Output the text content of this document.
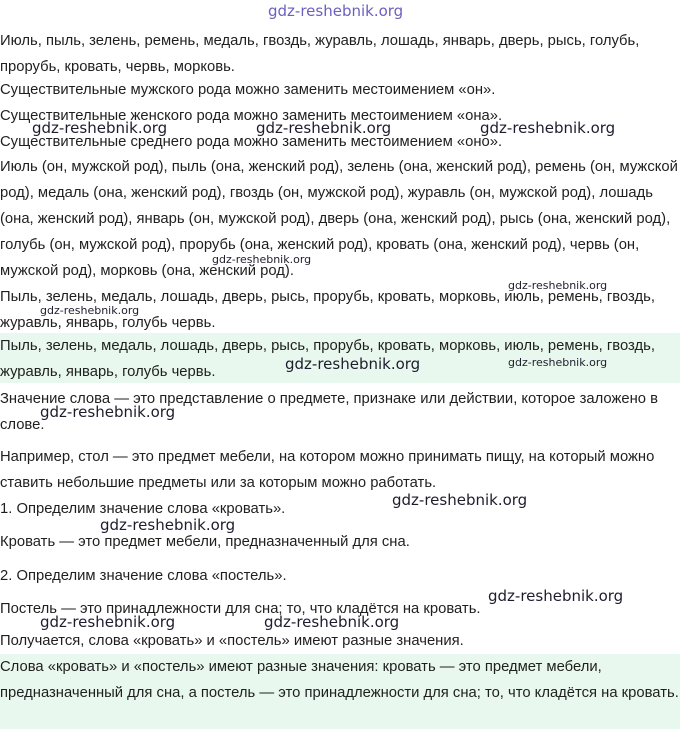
Июль, пыль, зелень, ремень, медаль, гвоздь, журавль, лошадь, январь, дверь, рысь, голубь, прорубь, кровать, червь, морковь.

Существительные мужского рода можно заменить местоимением «он».

Существительные женского рода можно заменить местоимением «она».

Существительные среднего рода можно заменить местоимением «оно».

Июль (он, мужской род), пыль (она, женский род), зелень (она, женский род), ремень (он, мужской род), медаль (она, женский род), гвоздь (он, мужской род), журавль (он, мужской род), лошадь (она, женский род), январь (он, мужской род), дверь (она, женский род), рысь (она, женский род), голубь (он, мужской род), прорубь (она, женский род), кровать (она, женский род), червь (он, мужской род), морковь (она, женский род).

Пыль, зелень, медаль, лошадь, дверь, рысь, прорубь, кровать, морковь, июль, ремень, гвоздь, журавль, январь, голубь червь.

Пыль, зелень, медаль, лошадь, дверь, рысь, прорубь, кровать, морковь, июль, ремень, гвоздь, журавль, январь, голубь червь.

Значение слова — это представление о предмете, признаке или действии, которое заложено в слове.

Например, стол — это предмет мебели, на котором можно принимать пищу, на который можно ставить небольшие предметы или за которым можно работать.

1. Определим значение слова «кровать».

Кровать — это предмет мебели, предназначенный для сна.

2. Определим значение слова «постель».

Постель — это принадлежности для сна; то, что кладётся на кровать.

Получается, слова «кровать» и «постель» имеют разные значения.

Слова «кровать» и «постель» имеют разные значения: кровать — это предмет мебели, предназначенный для сна, а постель — это принадлежности для сна; то, что кладётся на кровать.

gdz-reshebnik.org
gdz-reshebnik.org	gdz-reshebnik.org	gdz-reshebnik.org
gdz-reshebnik.org
gdz-reshebnik.org
gdz-reshebnik.org
gdz-reshebnik.org	gdz-reshebnik.org
gdz-reshebnik.org
gdz-reshebnik.org
gdz-reshebnik.org
gdz-reshebnik.org
gdz-reshebnik.org	gdz-reshebnik.org
